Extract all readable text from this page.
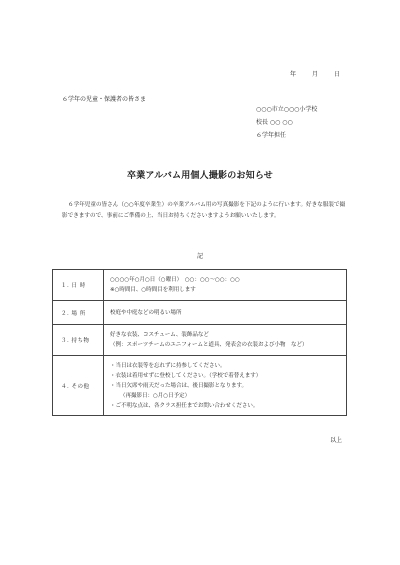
年	月	日
６学年の児童・保護者の皆さま
○○○市立○○○小学校
校長 ○○ ○○
６学年担任
卒業アルバム用個人撮影のお知らせ
６学年児童の皆さん（○○年度卒業生）の卒業アルバム用の写真撮影を下記のように行います。好きな服装で撮影できますので、事前にご準備の上、当日お持ちくださいますようお願いいたします。
記
１. 日 時	○○○○年○月○日（○曜日）　○○：○○〜○○：○○
※○時間目、○時間目を利用します

２. 場 所	校庭や中庭などの明るい場所

３. 持ち物	好きな衣装、コスチューム、装飾品など
（例：スポーツチームのユニフォームと道具、発表会の衣装および小物　など）

４. その他	・当日は衣装等を忘れずに持参してください。
・衣装は着用せずに登校してください。（学校で着替えます）
・当日欠席や雨天だった場合は、後日撮影となります。
（再撮影日：○月○日予定）
・ご不明な点は、各クラス担任までお問い合わせください。
以上
